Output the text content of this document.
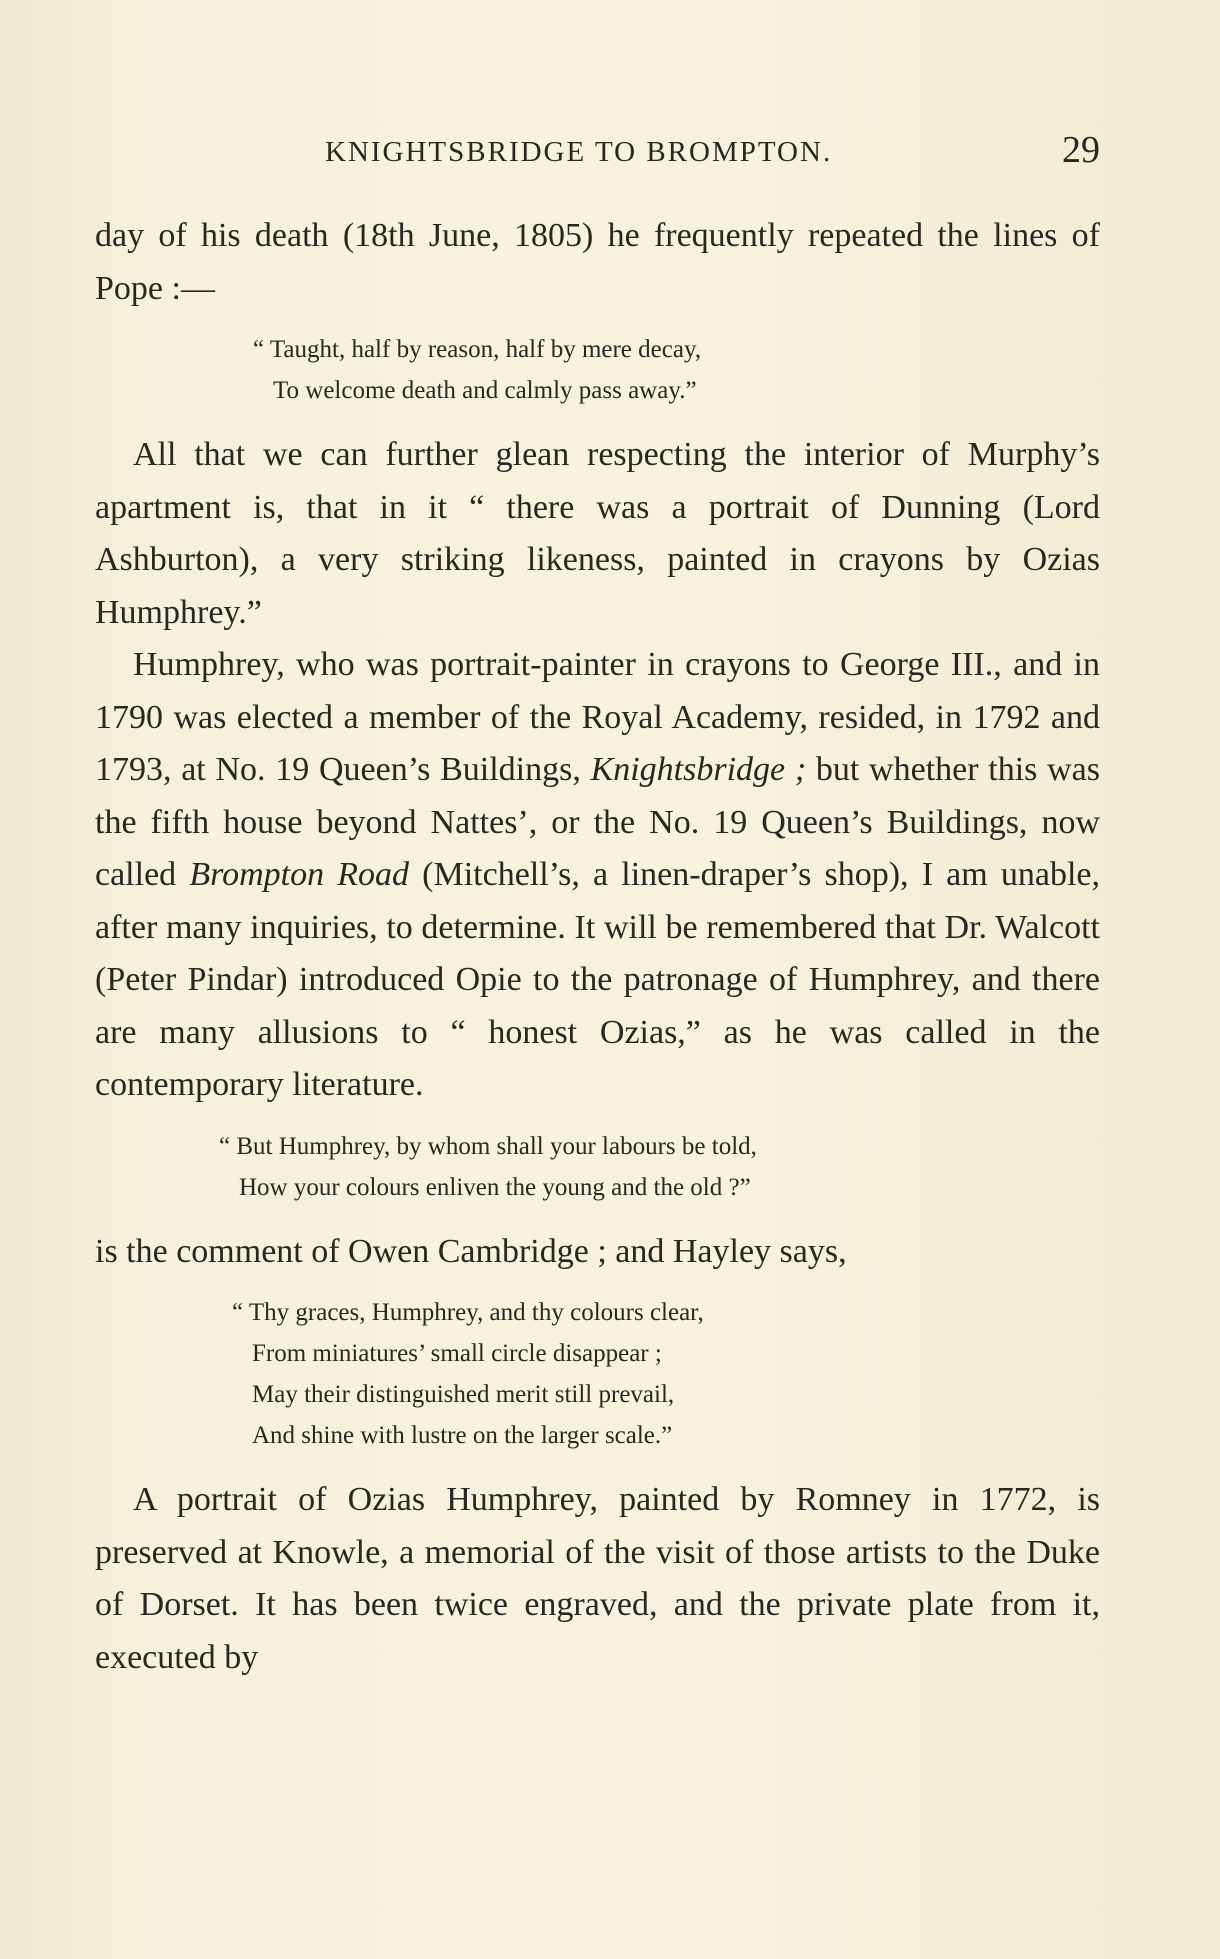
KNIGHTSBRIDGE TO BROMPTON.	29

day of his death (18th June, 1805) he frequently repeated the lines of Pope :—

“ Taught, half by reason, half by mere decay,
To welcome death and calmly pass away.”

All that we can further glean respecting the interior of Murphy’s apartment is, that in it “ there was a portrait of Dunning (Lord Ashburton), a very striking likeness, painted in crayons by Ozias Humphrey.”

Humphrey, who was portrait-painter in crayons to George III., and in 1790 was elected a member of the Royal Academy, resided, in 1792 and 1793, at No. 19 Queen’s Buildings, Knightsbridge ; but whether this was the fifth house beyond Nattes’, or the No. 19 Queen’s Buildings, now called Brompton Road (Mitchell’s, a linen-draper’s shop), I am unable, after many inquiries, to determine. It will be remembered that Dr. Walcott (Peter Pindar) introduced Opie to the patronage of Humphrey, and there are many allusions to “ honest Ozias,” as he was called in the contemporary literature.

“ But Humphrey, by whom shall your labours be told,
How your colours enliven the young and the old ?”

is the comment of Owen Cambridge ; and Hayley says,

“ Thy graces, Humphrey, and thy colours clear,
From miniatures’ small circle disappear ;
May their distinguished merit still prevail,
And shine with lustre on the larger scale.”

A portrait of Ozias Humphrey, painted by Romney in 1772, is preserved at Knowle, a memorial of the visit of those artists to the Duke of Dorset. It has been twice engraved, and the private plate from it, executed by
